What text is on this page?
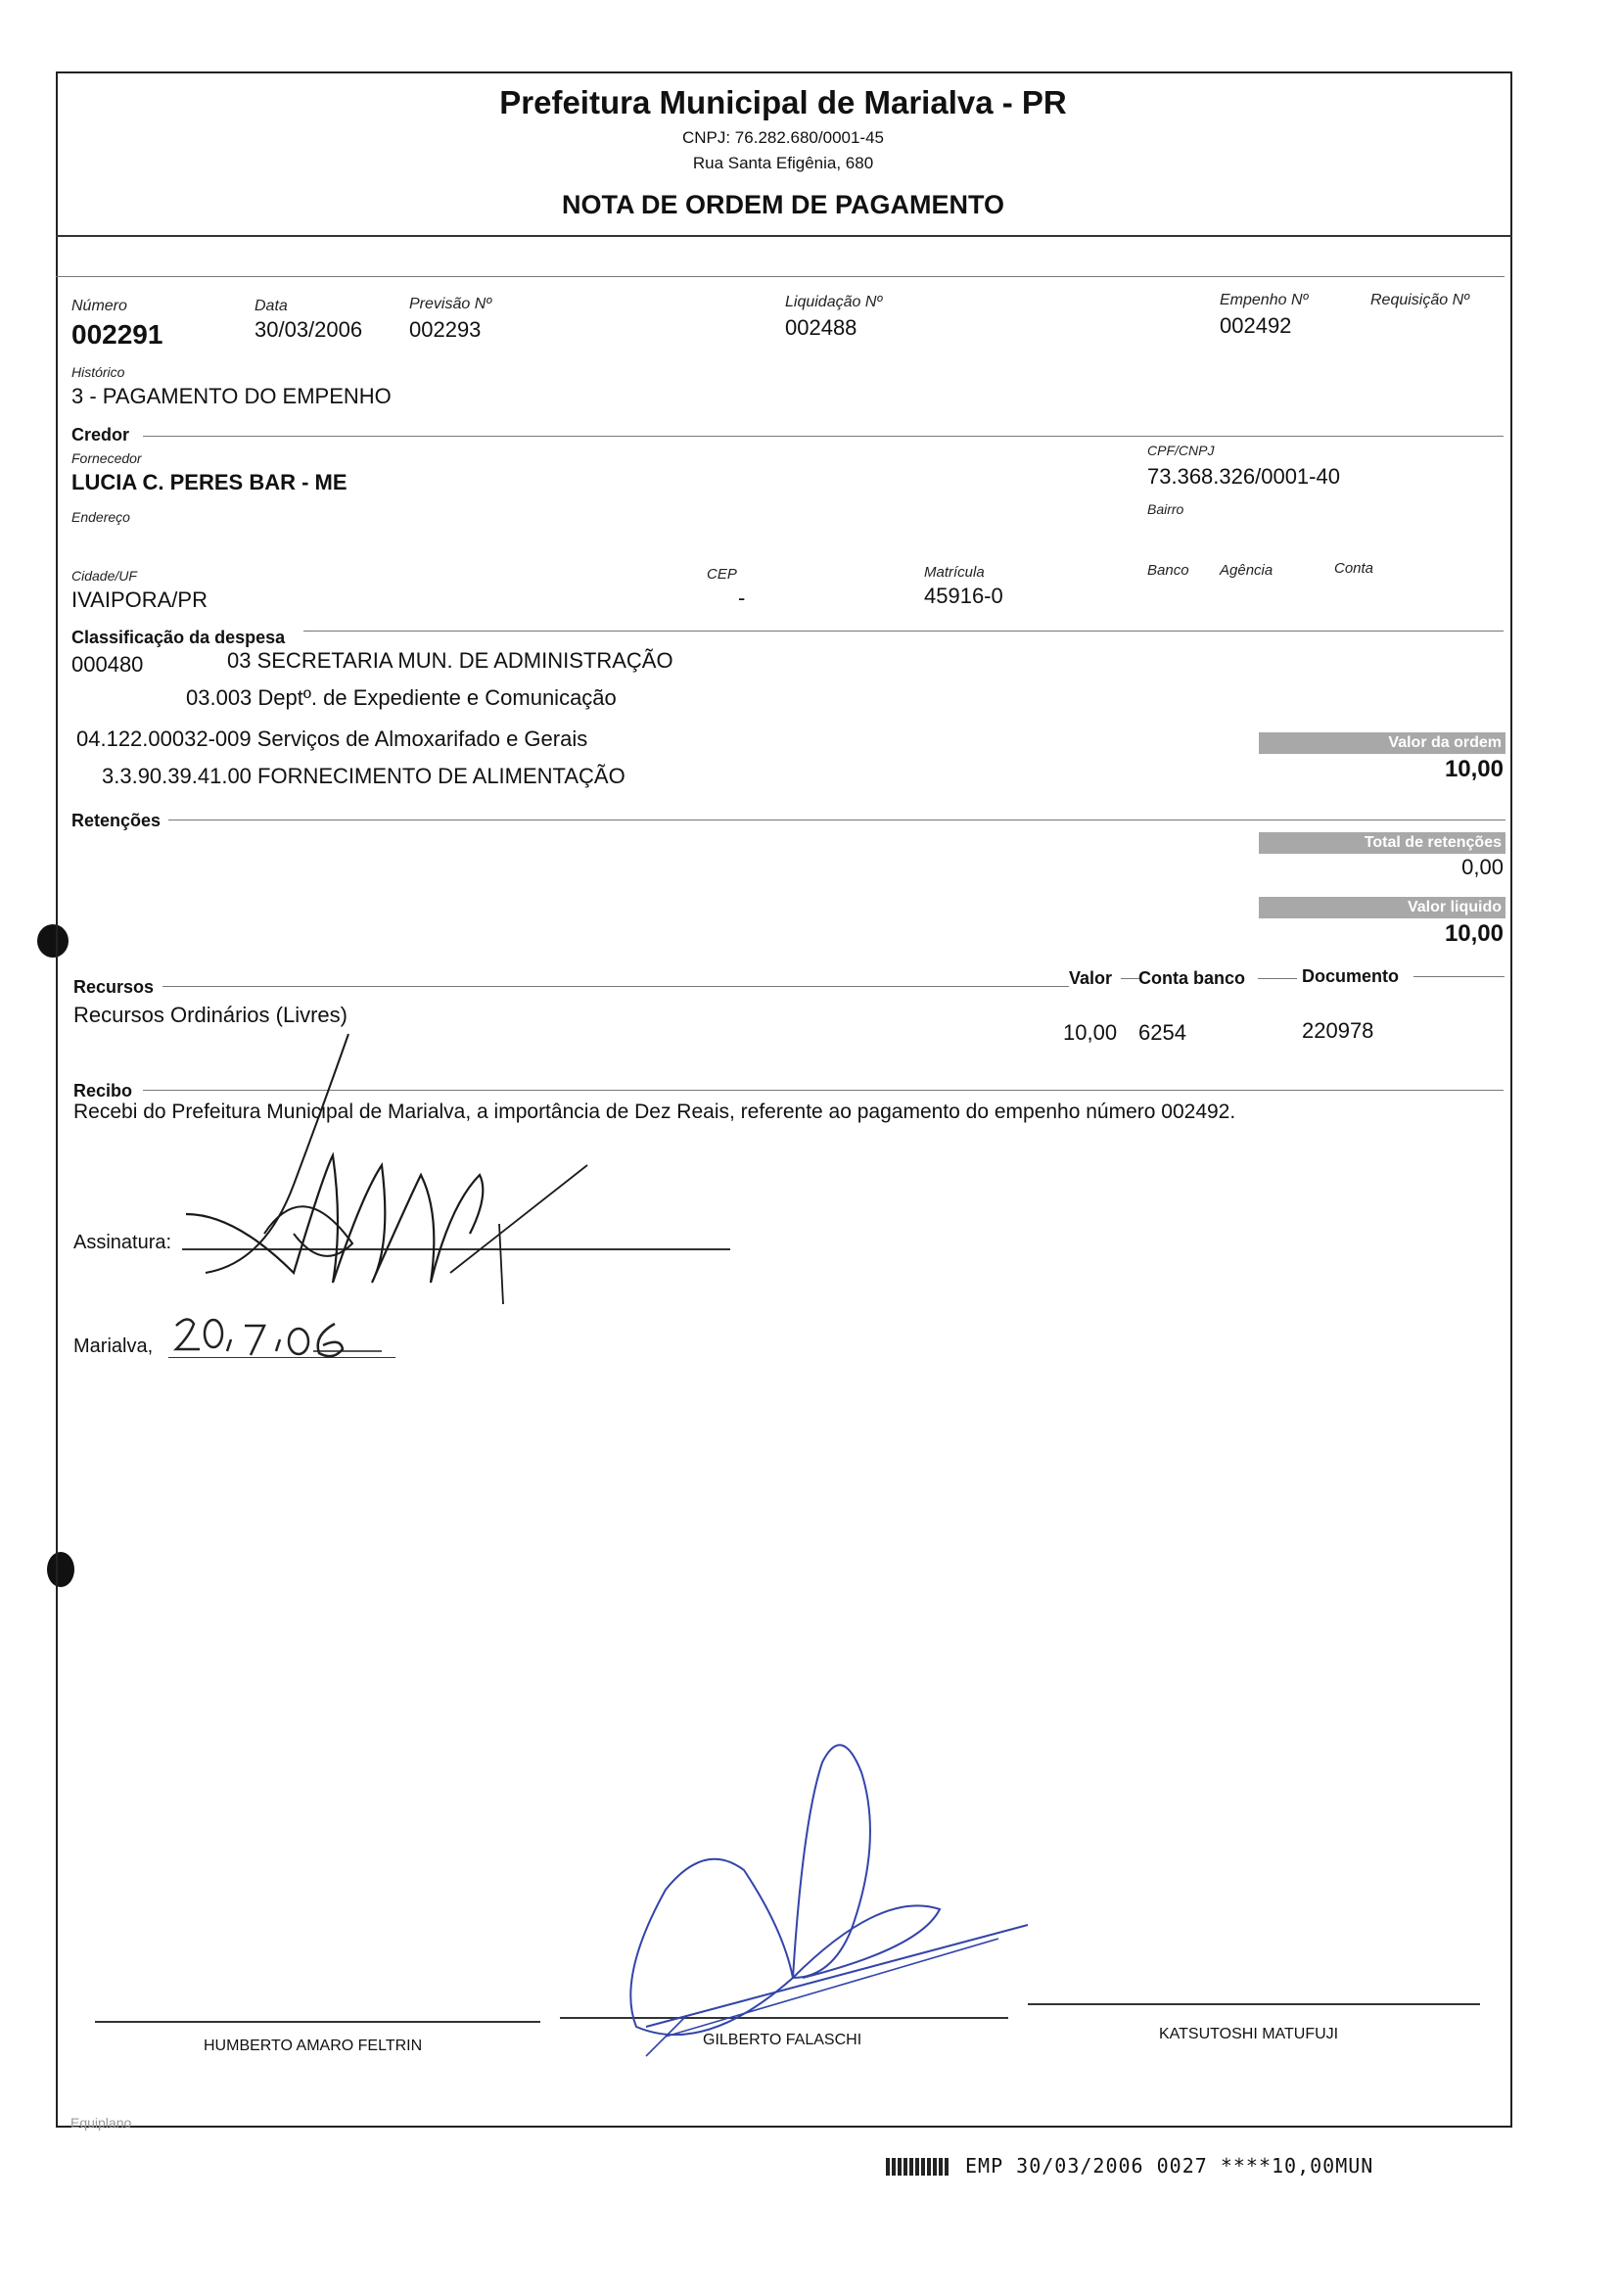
Prefeitura Municipal de Marialva - PR
CNPJ: 76.282.680/0001-45
Rua Santa Efigênia, 680
NOTA DE ORDEM DE PAGAMENTO
Número
002291
Data
30/03/2006
Previsão Nº
002293
Liquidação Nº
002488
Empenho Nº
002492
Requisição Nº
Histórico
3 - PAGAMENTO DO EMPENHO
Credor
Fornecedor
LUCIA C. PERES BAR - ME
CPF/CNPJ
73.368.326/0001-40
Endereço	Bairro
Cidade/UF
IVAIPORA/PR
CEP
-
Matrícula
45916-0
Banco Agência	Conta
Classificação da despesa
000480	03 SECRETARIA MUN. DE ADMINISTRAÇÃO
03.003 Deptº. de Expediente e Comunicação
04.122.00032-009 Serviços de Almoxarifado e Gerais
3.3.90.39.41.00 FORNECIMENTO DE ALIMENTAÇÃO
Valor da ordem
10,00
Retenções
Total de retenções
0,00
Valor liquido
10,00
Recursos	Valor Conta banco	Documento
Recursos Ordinários (Livres)
10,00 6254	220978
Recibo
Recebi do Prefeitura Municipal de Marialva, a importância de Dez Reais, referente ao pagamento do empenho número 002492.
Assinatura:
Marialva,
HUMBERTO AMARO FELTRIN	GILBERTO FALASCHI	KATSUTOSHI MATUFUJI
Equiplano
EMP 30/03/2006 0027 ****10,00MUN
